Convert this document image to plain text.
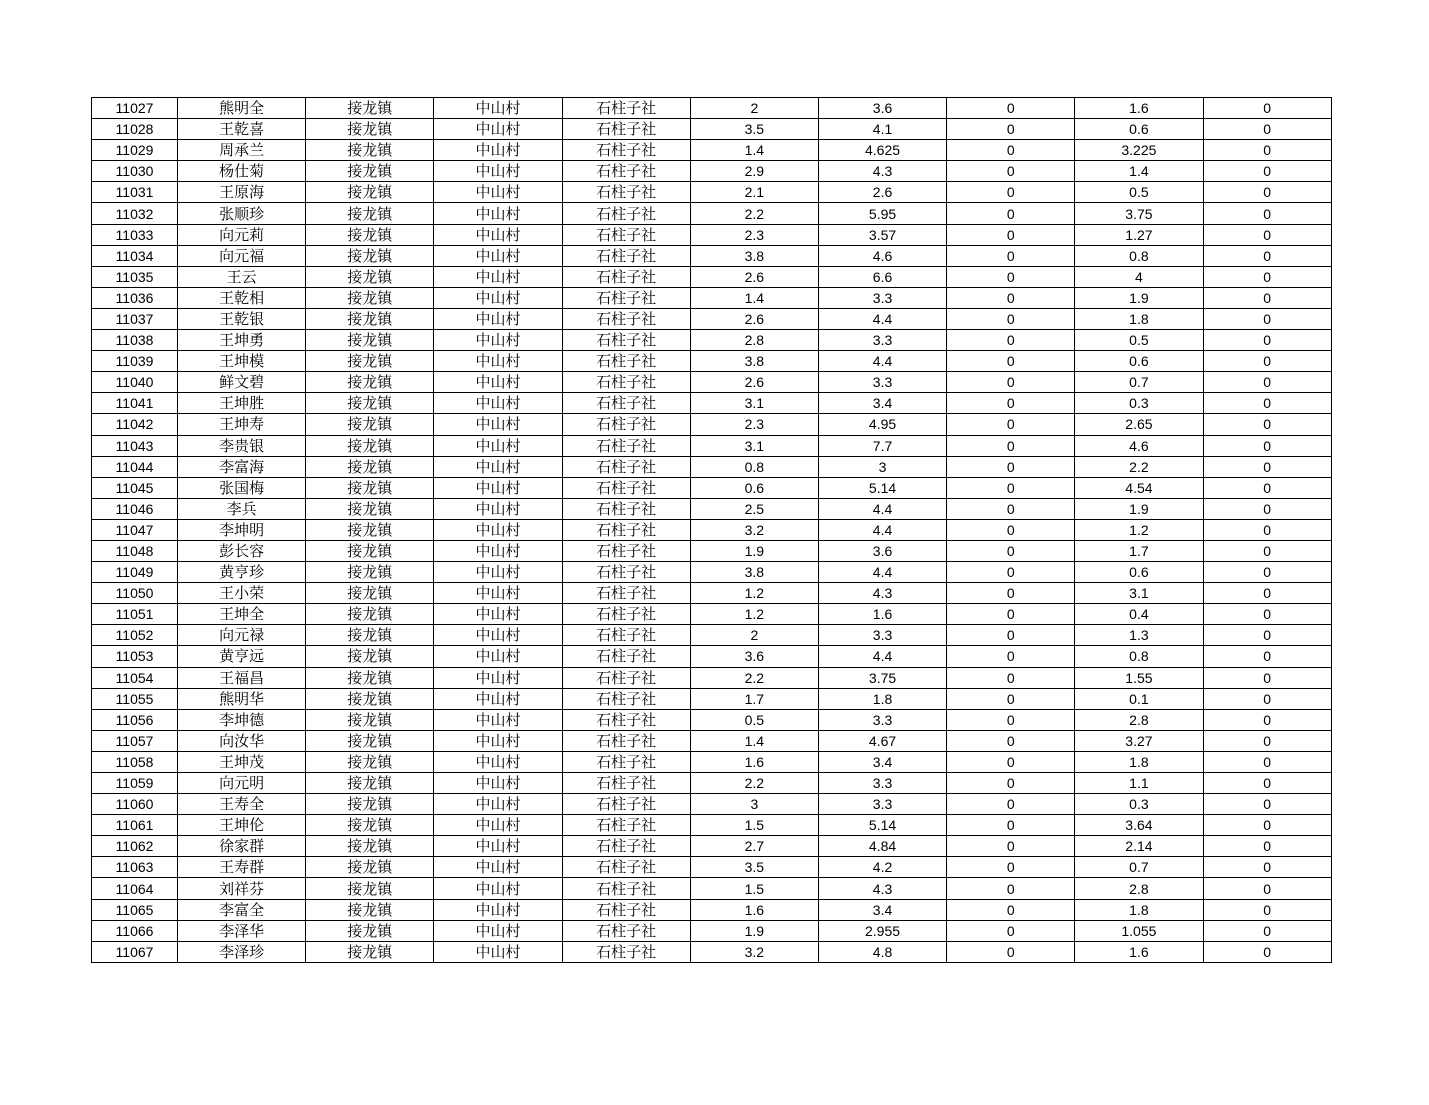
11027	熊明全	接龙镇	中山村	石柱子社	2	3.6	0	1.6	0
11028	王乾喜	接龙镇	中山村	石柱子社	3.5	4.1	0	0.6	0
11029	周承兰	接龙镇	中山村	石柱子社	1.4	4.625	0	3.225	0
11030	杨仕菊	接龙镇	中山村	石柱子社	2.9	4.3	0	1.4	0
11031	王原海	接龙镇	中山村	石柱子社	2.1	2.6	0	0.5	0
11032	张顺珍	接龙镇	中山村	石柱子社	2.2	5.95	0	3.75	0
11033	向元莉	接龙镇	中山村	石柱子社	2.3	3.57	0	1.27	0
11034	向元福	接龙镇	中山村	石柱子社	3.8	4.6	0	0.8	0
11035	王云	接龙镇	中山村	石柱子社	2.6	6.6	0	4	0
11036	王乾相	接龙镇	中山村	石柱子社	1.4	3.3	0	1.9	0
11037	王乾银	接龙镇	中山村	石柱子社	2.6	4.4	0	1.8	0
11038	王坤勇	接龙镇	中山村	石柱子社	2.8	3.3	0	0.5	0
11039	王坤模	接龙镇	中山村	石柱子社	3.8	4.4	0	0.6	0
11040	鲜文碧	接龙镇	中山村	石柱子社	2.6	3.3	0	0.7	0
11041	王坤胜	接龙镇	中山村	石柱子社	3.1	3.4	0	0.3	0
11042	王坤寿	接龙镇	中山村	石柱子社	2.3	4.95	0	2.65	0
11043	李贵银	接龙镇	中山村	石柱子社	3.1	7.7	0	4.6	0
11044	李富海	接龙镇	中山村	石柱子社	0.8	3	0	2.2	0
11045	张国梅	接龙镇	中山村	石柱子社	0.6	5.14	0	4.54	0
11046	李兵	接龙镇	中山村	石柱子社	2.5	4.4	0	1.9	0
11047	李坤明	接龙镇	中山村	石柱子社	3.2	4.4	0	1.2	0
11048	彭长容	接龙镇	中山村	石柱子社	1.9	3.6	0	1.7	0
11049	黄亨珍	接龙镇	中山村	石柱子社	3.8	4.4	0	0.6	0
11050	王小荣	接龙镇	中山村	石柱子社	1.2	4.3	0	3.1	0
11051	王坤全	接龙镇	中山村	石柱子社	1.2	1.6	0	0.4	0
11052	向元禄	接龙镇	中山村	石柱子社	2	3.3	0	1.3	0
11053	黄亨远	接龙镇	中山村	石柱子社	3.6	4.4	0	0.8	0
11054	王福昌	接龙镇	中山村	石柱子社	2.2	3.75	0	1.55	0
11055	熊明华	接龙镇	中山村	石柱子社	1.7	1.8	0	0.1	0
11056	李坤德	接龙镇	中山村	石柱子社	0.5	3.3	0	2.8	0
11057	向汝华	接龙镇	中山村	石柱子社	1.4	4.67	0	3.27	0
11058	王坤茂	接龙镇	中山村	石柱子社	1.6	3.4	0	1.8	0
11059	向元明	接龙镇	中山村	石柱子社	2.2	3.3	0	1.1	0
11060	王寿全	接龙镇	中山村	石柱子社	3	3.3	0	0.3	0
11061	王坤伦	接龙镇	中山村	石柱子社	1.5	5.14	0	3.64	0
11062	徐家群	接龙镇	中山村	石柱子社	2.7	4.84	0	2.14	0
11063	王寿群	接龙镇	中山村	石柱子社	3.5	4.2	0	0.7	0
11064	刘祥芬	接龙镇	中山村	石柱子社	1.5	4.3	0	2.8	0
11065	李富全	接龙镇	中山村	石柱子社	1.6	3.4	0	1.8	0
11066	李泽华	接龙镇	中山村	石柱子社	1.9	2.955	0	1.055	0
11067	李泽珍	接龙镇	中山村	石柱子社	3.2	4.8	0	1.6	0
